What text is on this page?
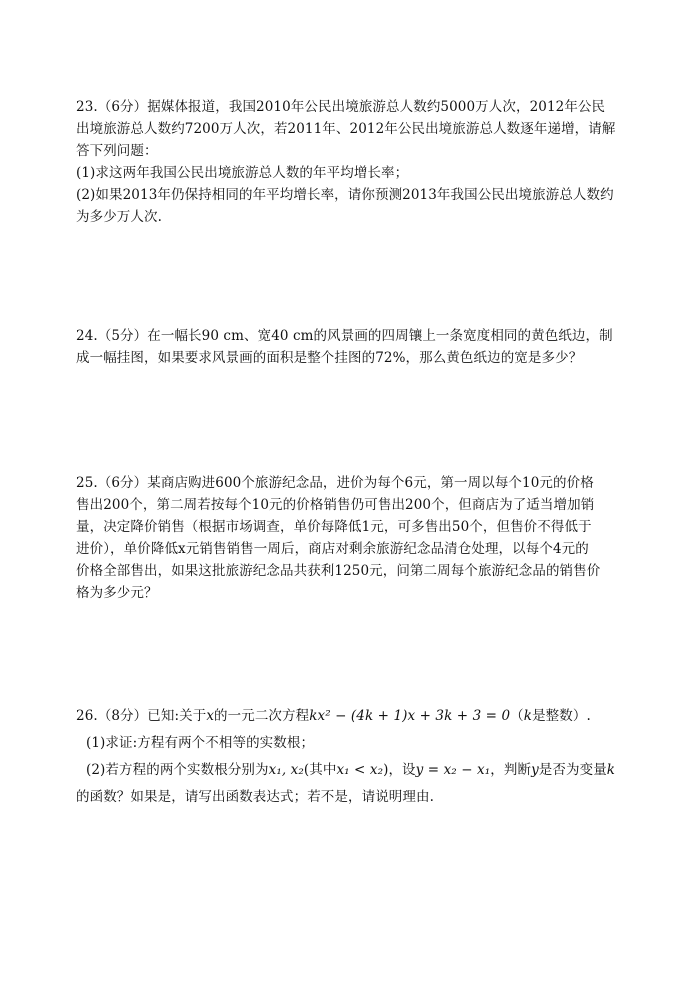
23.（6分）据媒体报道，我国2010年公民出境旅游总人数约5000万人次，2012年公民
出境旅游总人数约7200万人次，若2011年、2012年公民出境旅游总人数逐年递增，请解
答下列问题：
(1)求这两年我国公民出境旅游总人数的年平均增长率；
(2)如果2013年仍保持相同的年平均增长率，请你预测2013年我国公民出境旅游总人数约
为多少万人次.
24.（5分）在一幅长90 cm、宽40 cm的风景画的四周镶上一条宽度相同的黄色纸边，制
成一幅挂图，如果要求风景画的面积是整个挂图的72%，那么黄色纸边的宽是多少？
25.（6分）某商店购进600个旅游纪念品，进价为每个6元，第一周以每个10元的价格
售出200个，第二周若按每个10元的价格销售仍可售出200个，但商店为了适当增加销
量，决定降价销售（根据市场调查，单价每降低1元，可多售出50个，但售价不得低于
进价），单价降低x元销售销售一周后，商店对剩余旅游纪念品清仓处理，以每个4元的
价格全部售出，如果这批旅游纪念品共获利1250元，问第二周每个旅游纪念品的销售价
格为多少元？
26.（8分）已知:关于x的一元二次方程kx² − (4k + 1)x + 3k + 3 = 0（k是整数）.
(1)求证:方程有两个不相等的实数根；
(2)若方程的两个实数根分别为x₁, x₂(其中x₁ < x₂)，设y = x₂ − x₁，判断y是否为变量k
的函数？如果是，请写出函数表达式；若不是，请说明理由.
